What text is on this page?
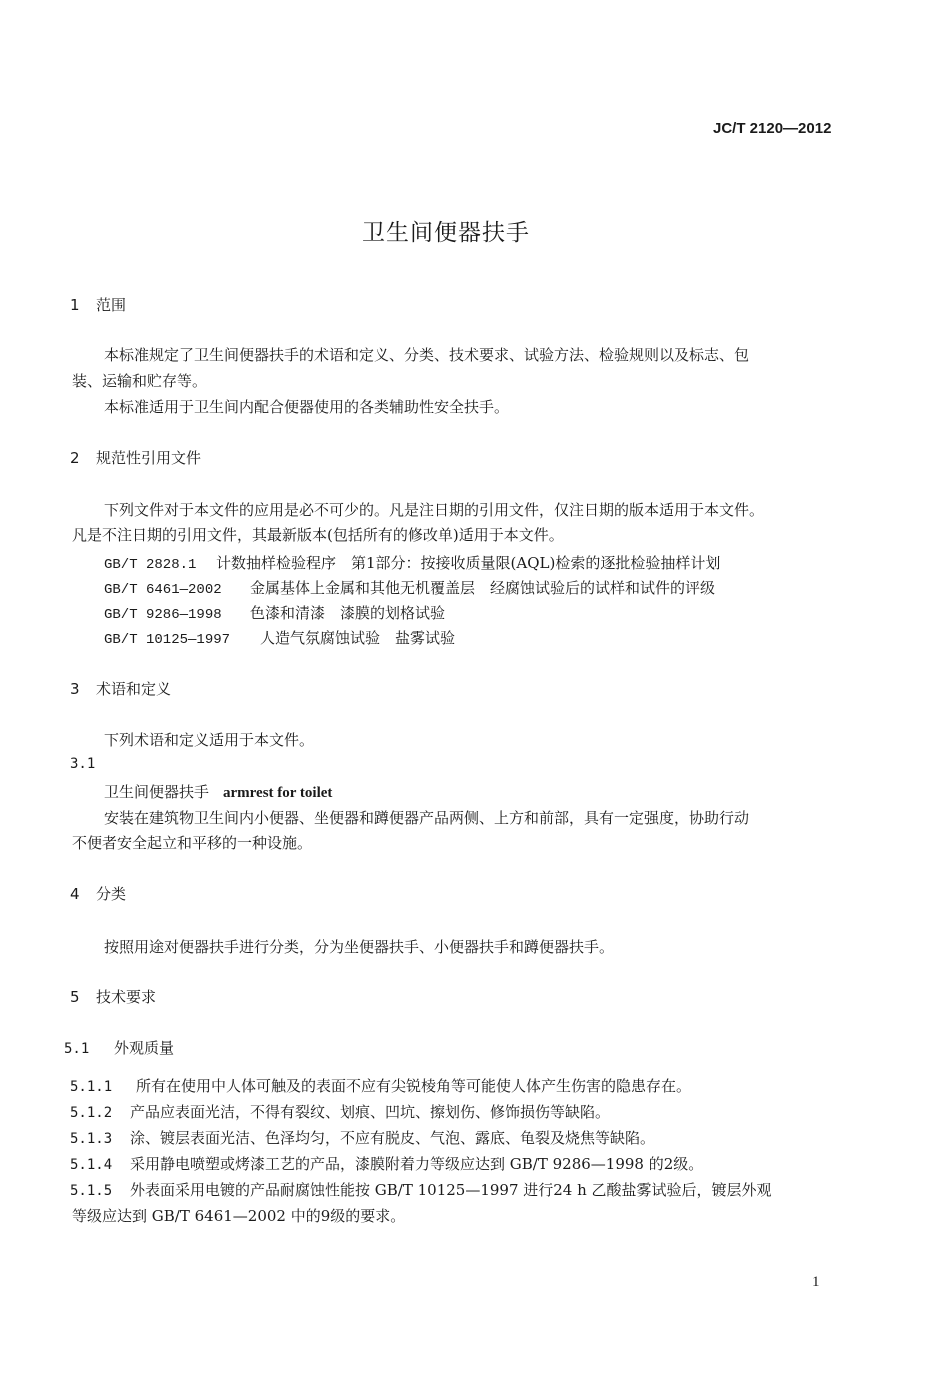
JC/T 2120—2012
卫生间便器扶手
1 范围
本标准规定了卫生间便器扶手的术语和定义、分类、技术要求、试验方法、检验规则以及标志、包
装、运输和贮存等。
本标准适用于卫生间内配合便器使用的各类辅助性安全扶手。
2 规范性引用文件
下列文件对于本文件的应用是必不可少的。凡是注日期的引用文件，仅注日期的版本适用于本文件。
凡是不注日期的引用文件，其最新版本(包括所有的修改单)适用于本文件。
GB/T 2828.1 计数抽样检验程序　第1部分：按接收质量限(AQL)检索的逐批检验抽样计划
GB/T 6461—2002 金属基体上金属和其他无机覆盖层　经腐蚀试验后的试样和试件的评级
GB/T 9286—1998 色漆和清漆　漆膜的划格试验
GB/T 10125—1997 人造气氛腐蚀试验　盐雾试验
3 术语和定义
下列术语和定义适用于本文件。
3.1
卫生间便器扶手 armrest for toilet
安装在建筑物卫生间内小便器、坐便器和蹲便器产品两侧、上方和前部，具有一定强度，协助行动
不便者安全起立和平移的一种设施。
4 分类
按照用途对便器扶手进行分类，分为坐便器扶手、小便器扶手和蹲便器扶手。
5 技术要求
5.1 外观质量
5.1.1 所有在使用中人体可触及的表面不应有尖锐棱角等可能使人体产生伤害的隐患存在。
5.1.2 产品应表面光洁，不得有裂纹、划痕、凹坑、擦划伤、修饰损伤等缺陷。
5.1.3 涂、镀层表面光洁、色泽均匀，不应有脱皮、气泡、露底、龟裂及烧焦等缺陷。
5.1.4 采用静电喷塑或烤漆工艺的产品，漆膜附着力等级应达到 GB/T 9286—1998 的2级。
5.1.5 外表面采用电镀的产品耐腐蚀性能按 GB/T 10125—1997 进行24 h 乙酸盐雾试验后，镀层外观
等级应达到 GB/T 6461—2002 中的9级的要求。
1
